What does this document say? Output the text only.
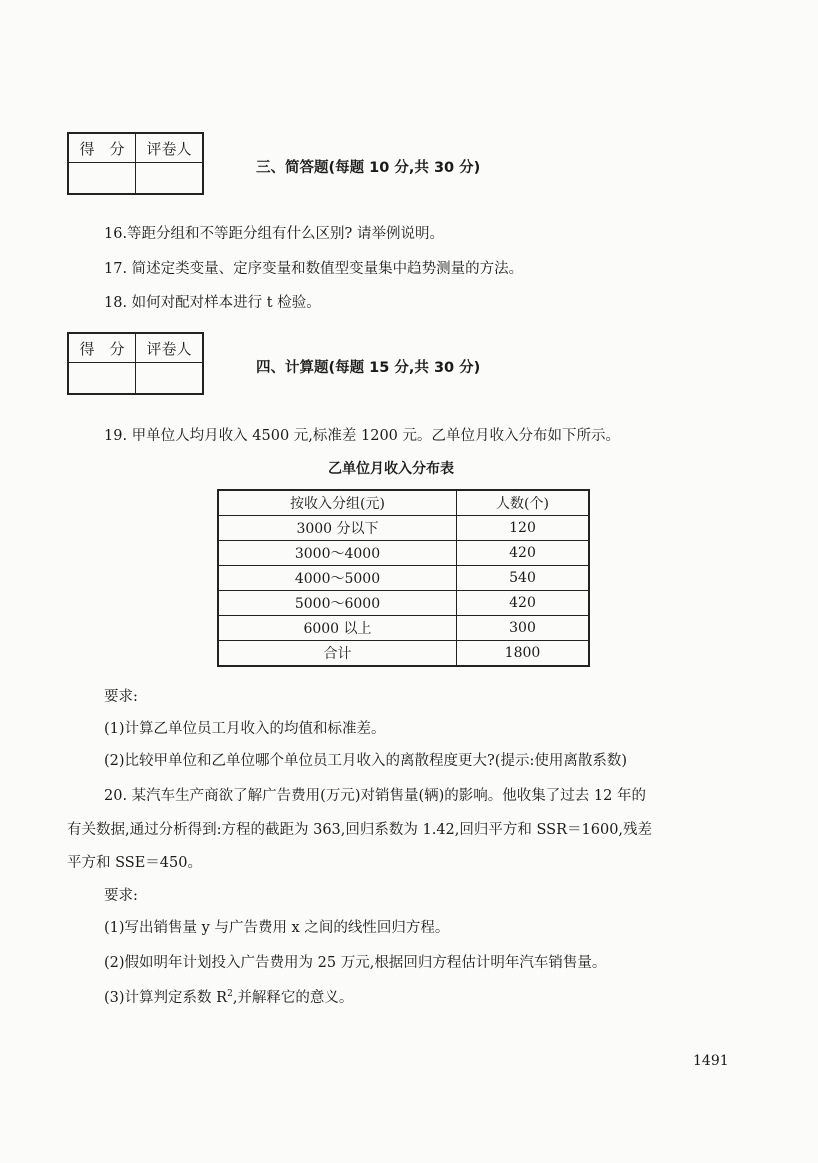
得　分	评卷人

三、简答题(每题 10 分,共 30 分)
16.等距分组和不等距分组有什么区别? 请举例说明。
17. 简述定类变量、定序变量和数值型变量集中趋势测量的方法。
18. 如何对配对样本进行 t 检验。
得　分	评卷人

四、计算题(每题 15 分,共 30 分)
19. 甲单位人均月收入 4500 元,标准差 1200 元。乙单位月收入分布如下所示。
乙单位月收入分布表
按收入分组(元)	人数(个)
3000 分以下	120
3000～4000	420
4000～5000	540
5000～6000	420
6000 以上	300
合计	1800
要求:
(1)计算乙单位员工月收入的均值和标准差。
(2)比较甲单位和乙单位哪个单位员工月收入的离散程度更大?(提示:使用离散系数)
20. 某汽车生产商欲了解广告费用(万元)对销售量(辆)的影响。他收集了过去 12 年的
有关数据,通过分析得到:方程的截距为 363,回归系数为 1.42,回归平方和 SSR＝1600,残差
平方和 SSE＝450。
要求:
(1)写出销售量 y 与广告费用 x 之间的线性回归方程。
(2)假如明年计划投入广告费用为 25 万元,根据回归方程估计明年汽车销售量。
(3)计算判定系数 $R^2$,并解释它的意义。
1491
